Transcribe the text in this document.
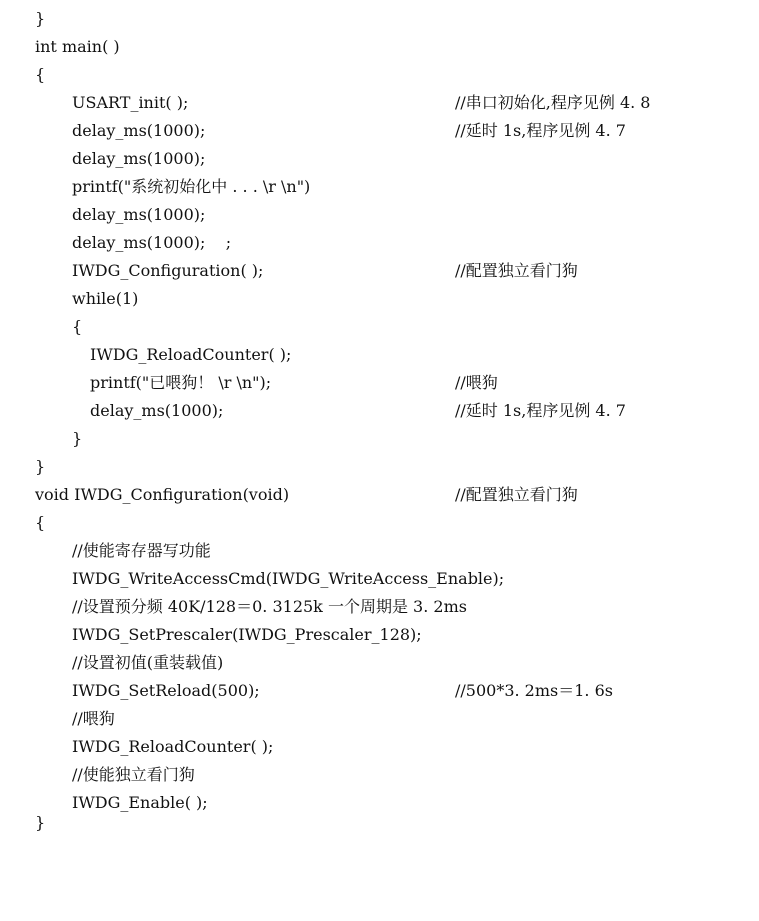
}

int main( )

{

USART_init( );

	//串口初始化,程序见例 4. 8

delay_ms(1000);

	//延时 1s,程序见例 4. 7

delay_ms(1000);

printf("系统初始化中 . . . \r \n")

delay_ms(1000);

delay_ms(1000);    ;

IWDG_Configuration( );

	//配置独立看门狗

while(1)

{

IWDG_ReloadCounter( );

printf("已喂狗！ \r \n");

	//喂狗

delay_ms(1000);

	//延时 1s,程序见例 4. 7

}

}

void IWDG_Configuration(void)

	//配置独立看门狗

{

//使能寄存器写功能

IWDG_WriteAccessCmd(IWDG_WriteAccess_Enable);

//设置预分频 40K/128＝0. 3125k 一个周期是 3. 2ms

IWDG_SetPrescaler(IWDG_Prescaler_128);

//设置初值(重装载值)

IWDG_SetReload(500);

	//500*3. 2ms＝1. 6s

//喂狗

IWDG_ReloadCounter( );

//使能独立看门狗

IWDG_Enable( );

}
